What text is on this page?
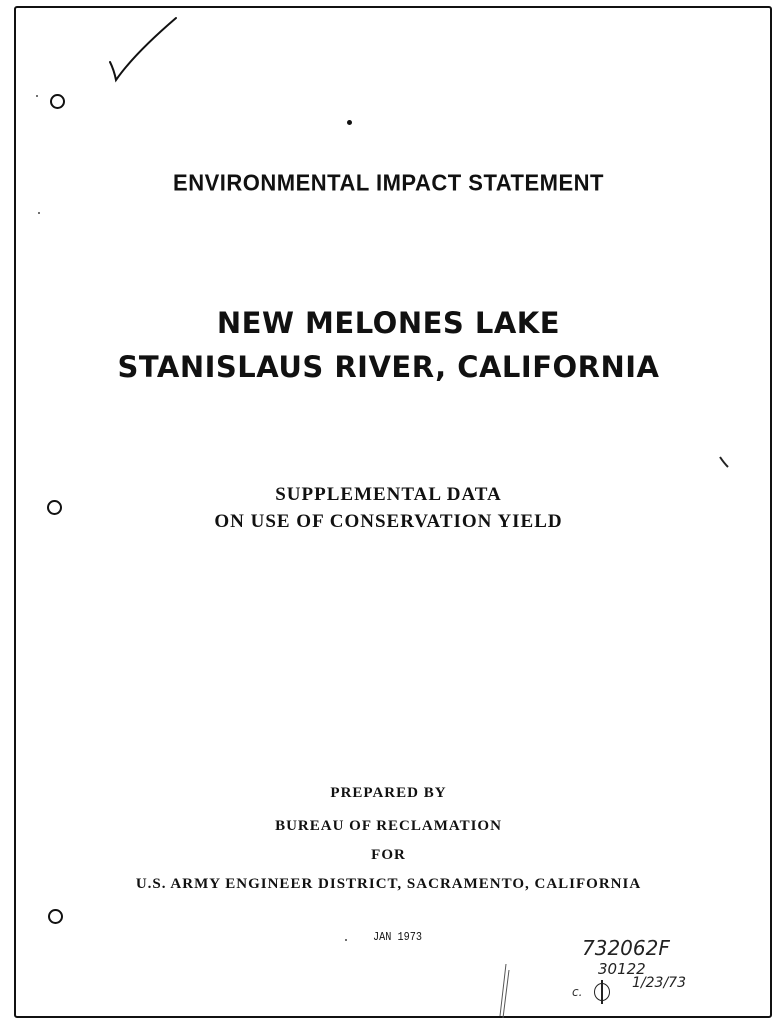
ENVIRONMENTAL IMPACT STATEMENT
NEW MELONES LAKE
STANISLAUS RIVER, CALIFORNIA
SUPPLEMENTAL DATA
ON USE OF CONSERVATION YIELD
PREPARED BY
BUREAU OF RECLAMATION
FOR
U.S. ARMY ENGINEER DISTRICT, SACRAMENTO, CALIFORNIA
JAN 1973	732062F
30122
c.
1/23/73
